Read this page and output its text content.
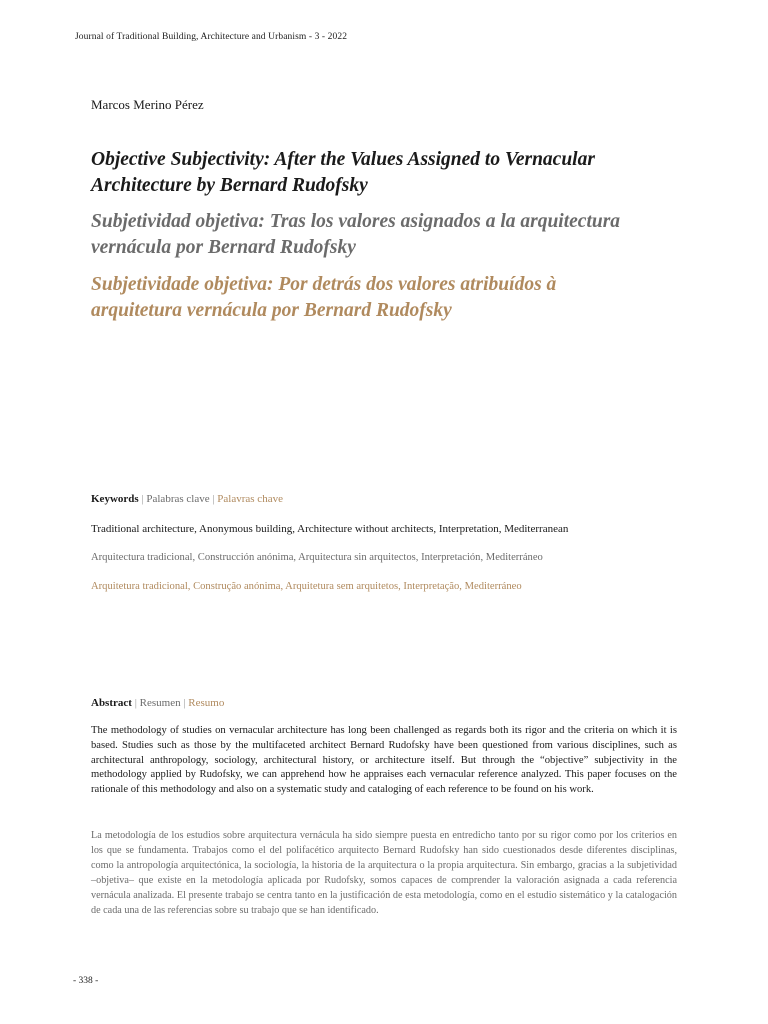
Journal of Traditional Building, Architecture and Urbanism - 3 - 2022
Marcos Merino Pérez
Objective Subjectivity: After the Values Assigned to Vernacular Architecture by Bernard Rudofsky
Subjetividad objetiva: Tras los valores asignados a la arquitectura vernácula por Bernard Rudofsky
Subjetividade objetiva: Por detrás dos valores atribuídos à arquitetura vernácula por Bernard Rudofsky
Keywords | Palabras clave | Palavras chave
Traditional architecture, Anonymous building, Architecture without architects, Interpretation, Mediterranean
Arquitectura tradicional, Construcción anónima, Arquitectura sin arquitectos, Interpretación, Mediterráneo
Arquitetura tradicional, Construção anónima, Arquitetura sem arquitetos, Interpretação, Mediterráneo
Abstract | Resumen | Resumo

The methodology of studies on vernacular architecture has long been challenged as regards both its rigor and the criteria on which it is based. Studies such as those by the multifaceted architect Bernard Rudofsky have been questioned from various disciplines, such as architectural anthropology, sociology, architectural history, or architecture itself. But through the “objective” subjectivity in the methodology applied by Rudofsky, we can apprehend how he appraises each vernacular reference analyzed. This paper focuses on the rationale of this methodology and also on a systematic study and cataloging of each reference to be found on his work.

La metodología de los estudios sobre arquitectura vernácula ha sido siempre puesta en entredicho tanto por su rigor como por los criterios en los que se fundamenta. Trabajos como el del polifacético arquitecto Bernard Rudofsky han sido cuestionados desde diferentes disciplinas, como la antropología arquitectónica, la sociología, la historia de la arquitectura o la propia arquitectura. Sin embargo, gracias a la subjetividad –objetiva– que existe en la metodología aplicada por Rudofsky, somos capaces de comprender la valoración asignada a cada referencia vernácula analizada. El presente trabajo se centra tanto en la justificación de esta metodología, como en el estudio sistemático y la catalogación de cada una de las referencias sobre su trabajo que se han identificado.

- 338 -
